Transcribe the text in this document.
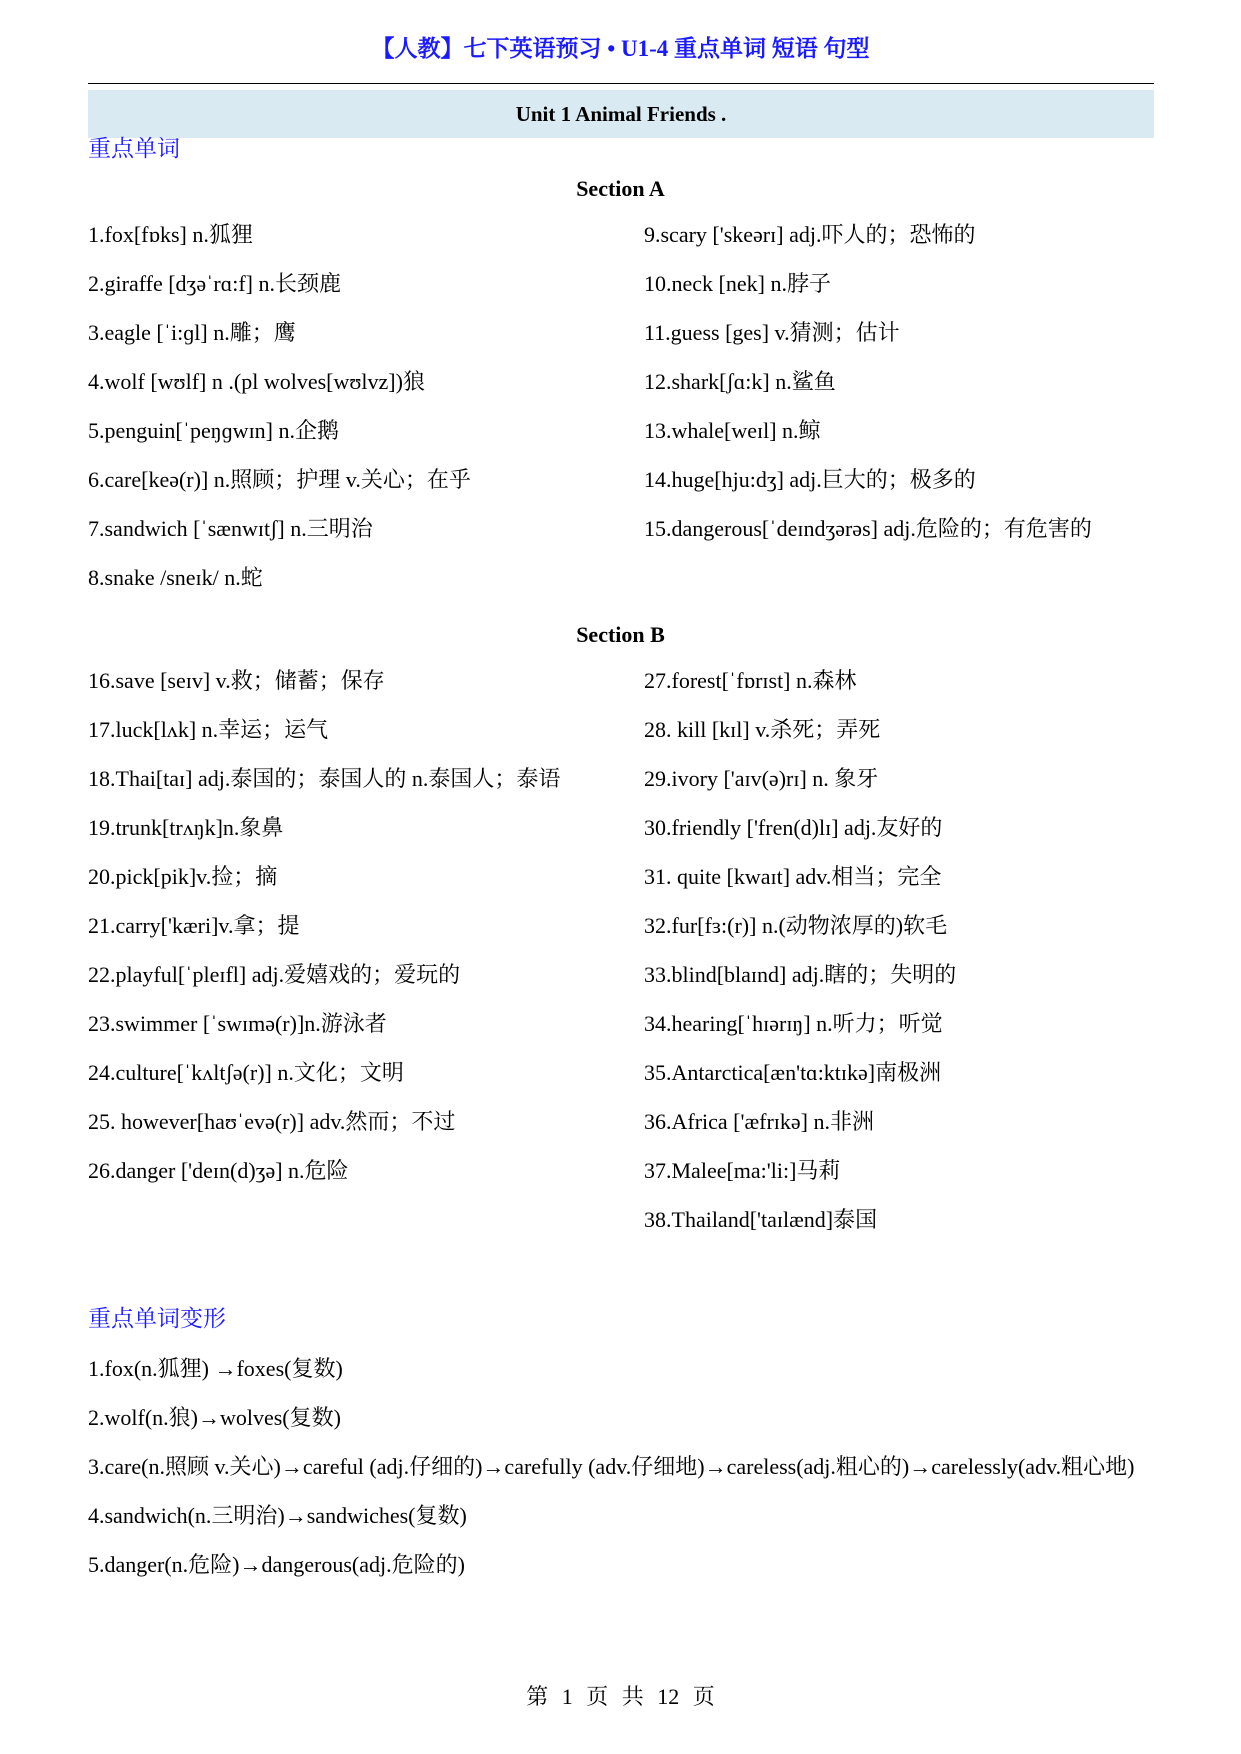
【人教】七下英语预习 • U1-4 重点单词 短语 句型
Unit 1 Animal Friends .
重点单词
Section A
1.fox[fɒks] n.狐狸
2.giraffe [dʒəˈrɑ:f] n.长颈鹿
3.eagle [ˈi:ɡl] n.雕；鹰
4.wolf [wʊlf] n .(pl wolves[wʊlvz])狼
5.penguin[ˈpeŋɡwɪn] n.企鹅
6.care[keə(r)] n.照顾；护理 v.关心；在乎
7.sandwich [ˈsænwɪtʃ] n.三明治
8.snake /sneɪk/ n.蛇
9.scary ['skeərɪ] adj.吓人的；恐怖的
10.neck [nek] n.脖子
11.guess [ges] v.猜测；估计
12.shark[ʃɑ:k] n.鲨鱼
13.whale[weɪl] n.鲸
14.huge[hju:dʒ] adj.巨大的；极多的
15.dangerous[ˈdeɪndʒərəs] adj.危险的；有危害的
Section B
16.save [seɪv] v.救；储蓄；保存
17.luck[lʌk] n.幸运；运气
18.Thai[taɪ] adj.泰国的；泰国人的 n.泰国人；泰语
19.trunk[trʌŋk]n.象鼻
20.pick[pik]v.捡；摘
21.carry['kæri]v.拿；提
22.playful[ˈpleɪfl] adj.爱嬉戏的；爱玩的
23.swimmer [ˈswɪmə(r)]n.游泳者
24.culture[ˈkʌltʃə(r)] n.文化；文明
25. however[haʊˈevə(r)] adv.然而；不过
26.danger ['deɪn(d)ʒə] n.危险
27.forest[ˈfɒrɪst] n.森林
28. kill [kɪl] v.杀死；弄死
29.ivory ['aɪv(ə)rɪ] n. 象牙
30.friendly ['fren(d)lɪ] adj.友好的
31. quite [kwaɪt] adv.相当；完全
32.fur[fɜ:(r)] n.(动物浓厚的)软毛
33.blind[blaɪnd] adj.瞎的；失明的
34.hearing[ˈhɪərɪŋ] n.听力；听觉
35.Antarctica[æn'tɑ:ktɪkə]南极洲
36.Africa ['æfrɪkə] n.非洲
37.Malee[ma:'li:]马莉
38.Thailand['taɪlænd]泰国
重点单词变形
1.fox(n.狐狸) →foxes(复数)
2.wolf(n.狼)→wolves(复数)
3.care(n.照顾 v.关心)→careful (adj.仔细的)→carefully (adv.仔细地)→careless(adj.粗心的)→carelessly(adv.粗心地)
4.sandwich(n.三明治)→sandwiches(复数)
5.danger(n.危险)→dangerous(adj.危险的)
第 1 页 共 12 页
